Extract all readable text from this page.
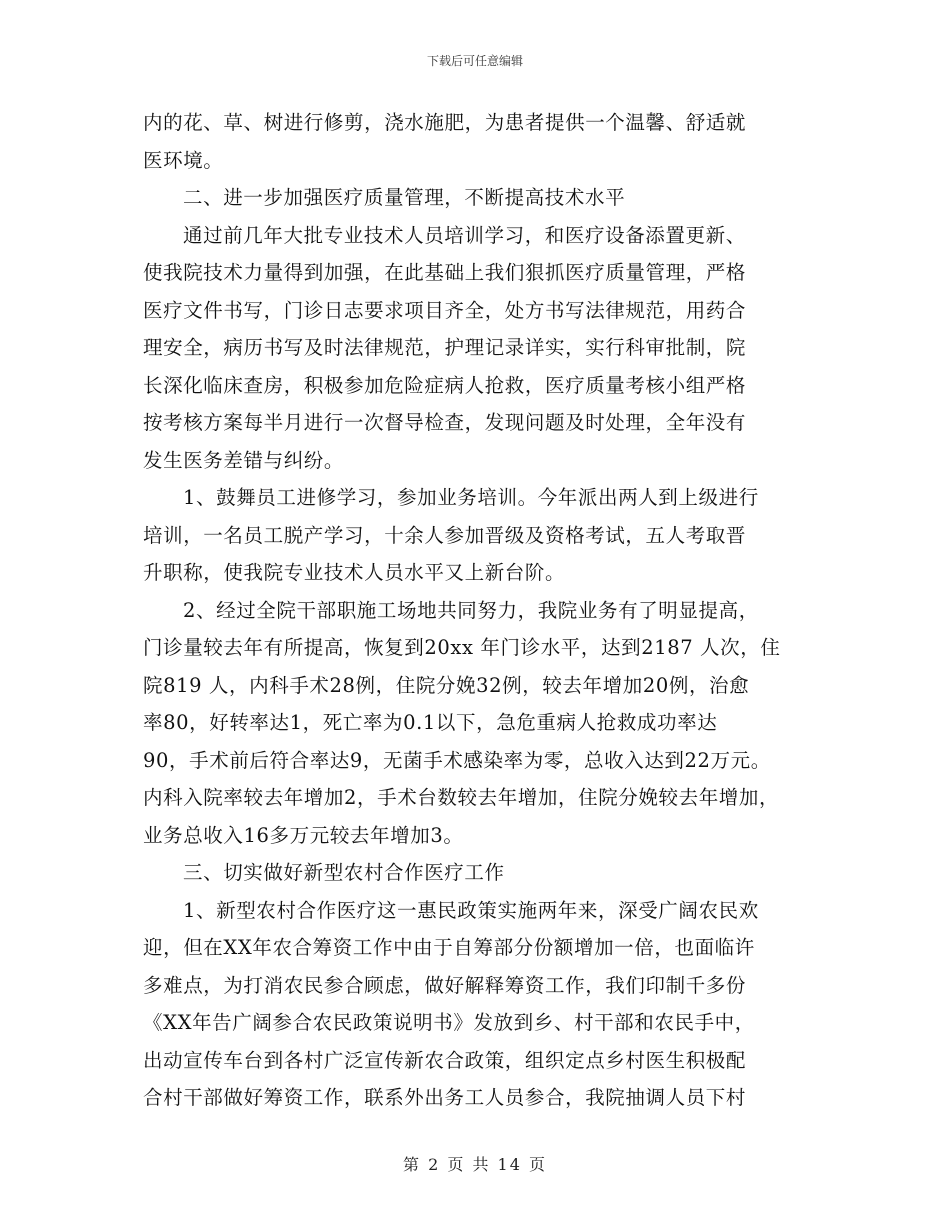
下载后可任意编辑
内的花、草、树进行修剪，浇水施肥，为患者提供一个温馨、舒适就
医环境。
二、进一步加强医疗质量管理，不断提高技术水平
通过前几年大批专业技术人员培训学习，和医疗设备添置更新、
使我院技术力量得到加强，在此基础上我们狠抓医疗质量管理，严格
医疗文件书写，门诊日志要求项目齐全，处方书写法律规范，用药合
理安全，病历书写及时法律规范，护理记录详实，实行科审批制，院
长深化临床查房，积极参加危险症病人抢救，医疗质量考核小组严格
按考核方案每半月进行一次督导检查，发现问题及时处理，全年没有
发生医务差错与纠纷。
1、鼓舞员工进修学习，参加业务培训。今年派出两人到上级进行
培训，一名员工脱产学习，十余人参加晋级及资格考试，五人考取晋
升职称，使我院专业技术人员水平又上新台阶。
2、经过全院干部职施工场地共同努力，我院业务有了明显提高，
门诊量较去年有所提高，恢复到20xx 年门诊水平，达到2187 人次，住
院819 人，内科手术28例，住院分娩32例，较去年增加20例，治愈
率80，好转率达1，死亡率为0.1以下，急危重病人抢救成功率达
90，手术前后符合率达9，无菌手术感染率为零，总收入达到22万元。
内科入院率较去年增加2，手术台数较去年增加，住院分娩较去年增加，
业务总收入16多万元较去年增加3。
三、切实做好新型农村合作医疗工作
1、新型农村合作医疗这一惠民政策实施两年来，深受广阔农民欢
迎，但在XX年农合筹资工作中由于自筹部分份额增加一倍，也面临许
多难点，为打消农民参合顾虑，做好解释筹资工作，我们印制千多份
《XX年告广阔参合农民政策说明书》发放到乡、村干部和农民手中，
出动宣传车台到各村广泛宣传新农合政策，组织定点乡村医生积极配
合村干部做好筹资工作，联系外出务工人员参合，我院抽调人员下村
第 2 页 共 14 页
